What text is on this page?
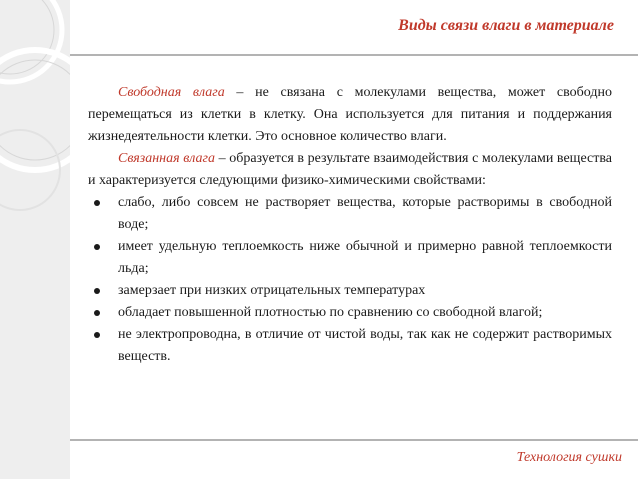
Виды связи влаги в материале

Свободная влага – не связана с молекулами вещества, может свободно перемещаться из клетки в клетку. Она используется для питания и поддержания жизнедеятельности клетки. Это основное количество влаги.

Связанная влага – образуется в результате взаимодействия с молекулами вещества и характеризуется следующими физико-химическими свойствами:

слабо, либо совсем не растворяет вещества, которые растворимы в свободной воде;
имеет удельную теплоемкость ниже обычной и примерно равной теплоемкости льда;
замерзает при низких отрицательных температурах
обладает повышенной плотностью по сравнению со свободной влагой;
не электропроводна, в отличие от чистой воды, так как не содержит растворимых веществ.
Технология сушки
